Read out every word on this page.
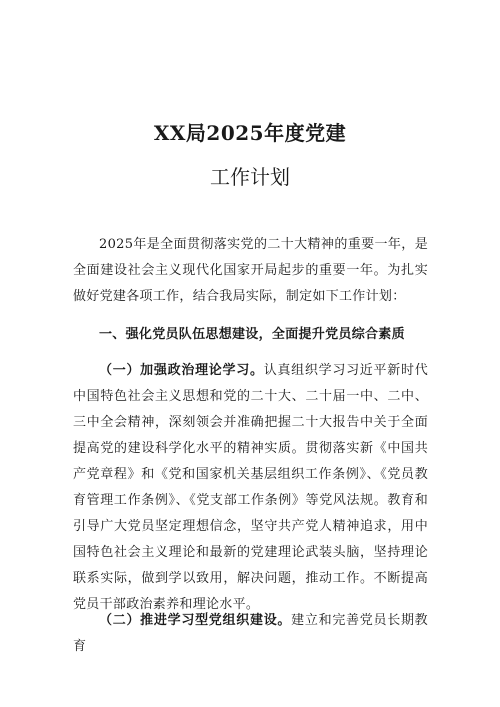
XX局2025年度党建
工作计划
2025年是全面贯彻落实党的二十大精神的重要一年，是全面建设社会主义现代化国家开局起步的重要一年。为扎实做好党建各项工作，结合我局实际，制定如下工作计划：
一、强化党员队伍思想建设，全面提升党员综合素质
（一）加强政治理论学习。认真组织学习习近平新时代中国特色社会主义思想和党的二十大、二十届一中、二中、三中全会精神，深刻领会并准确把握二十大报告中关于全面提高党的建设科学化水平的精神实质。贯彻落实新《中国共产党章程》和《党和国家机关基层组织工作条例》、《党员教育管理工作条例》、《党支部工作条例》等党风法规。教育和引导广大党员坚定理想信念，坚守共产党人精神追求，用中国特色社会主义理论和最新的党建理论武装头脑，坚持理论联系实际，做到学以致用，解决问题，推动工作。不断提高党员干部政治素养和理论水平。
（二）推进学习型党组织建设。建立和完善党员长期教育
